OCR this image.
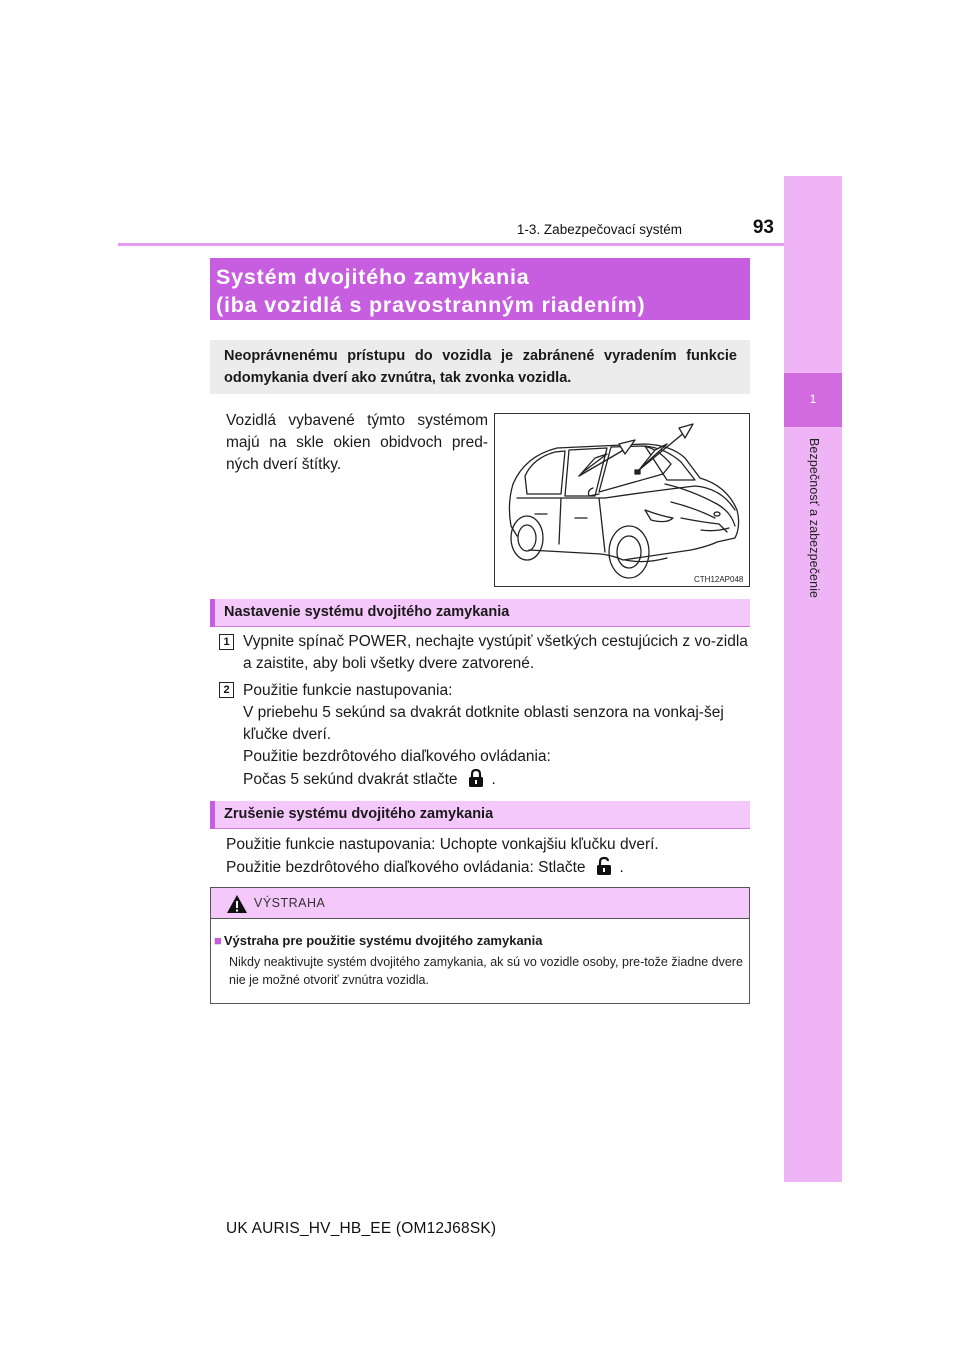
1
Bezpečnosť a zabezpečenie
1-3. Zabezpečovací systém	93
Systém dvojitého zamykania
(iba vozidlá s pravostranným riadením)
Neoprávnenému prístupu do vozidla je zabránené vyradením funkcie odomykania dverí ako zvnútra, tak zvonka vozidla.
Vozidlá vybavené týmto systémom majú na skle okien obidvoch pred-ných dverí štítky.
CTH12AP048
Nastavenie systému dvojitého zamykania
1 Vypnite spínač POWER, nechajte vystúpiť všetkých cestujúcich z vo-zidla a zaistite, aby boli všetky dvere zatvorené.
2 Použitie funkcie nastupovania:
V priebehu 5 sekúnd sa dvakrát dotknite oblasti senzora na vonkaj-šej kľučke dverí.
Použitie bezdrôtového diaľkového ovládania:
Počas 5 sekúnd dvakrát stlačte .
Zrušenie systému dvojitého zamykania
Použitie funkcie nastupovania: Uchopte vonkajšiu kľučku dverí.
Použitie bezdrôtového diaľkového ovládania: Stlačte .
VÝSTRAHA
■ Výstraha pre použitie systému dvojitého zamykania
Nikdy neaktivujte systém dvojitého zamykania, ak sú vo vozidle osoby, pre-tože žiadne dvere nie je možné otvoriť zvnútra vozidla.
UK AURIS_HV_HB_EE (OM12J68SK)
